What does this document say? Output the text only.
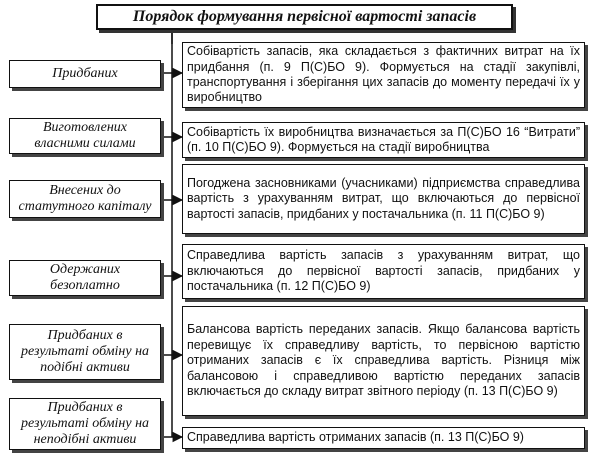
Порядок формування первісної вартості запасів
Придбаних
Собівартість запасів, яка складається з фактичних витрат на їх придбання (п. 9 П(С)БО 9). Формується на стадії закупівлі, транспортування і зберігання цих запасів до моменту передачі їх у виробництво
Виготовлених власними силами
Собівартість їх виробництва визначається за П(С)БО 16 “Витрати” (п. 10 П(С)БО 9). Формується на стадії виробництва
Внесених до статутного капіталу
Погоджена засновниками (учасниками) підприємства справедлива вартість з урахуванням витрат, що включаються до первісної вартості запасів, придбаних у постачальника (п. 11 П(С)БО 9)
Одержаних безоплатно
Справедлива вартість запасів з урахуванням витрат, що включаються до первісної вартості запасів, придбаних у постачальника (п. 12 П(С)БО 9)
Придбаних в результаті обміну на подібні активи
Балансова вартість переданих запасів. Якщо балансова вартість перевищує їх справедливу вартість, то первісною вартістю отриманих запасів є їх справедлива вартість. Різниця між балансовою і справедливою вартістю переданих запасів включається до складу витрат звітного періоду (п. 13 П(С)БО 9)
Придбаних в результаті обміну на неподібні активи	Справедлива вартість отриманих запасів (п. 13 П(С)БО 9)
